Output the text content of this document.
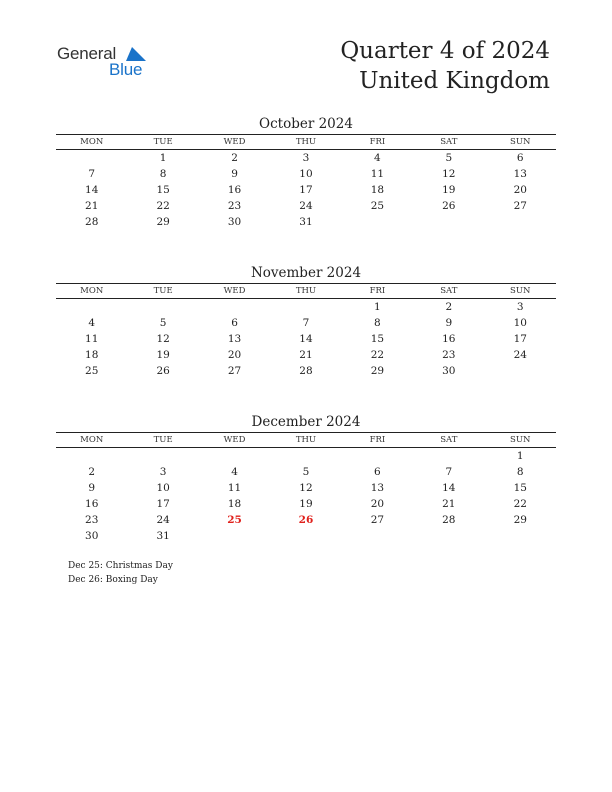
General
Blue
Quarter 4 of 2024
United Kingdom
October 2024
MON	TUE	WED	THU	FRI	SAT	SUN
	1	2	3	4	5	6
7	8	9	10	11	12	13
14	15	16	17	18	19	20
21	22	23	24	25	26	27
28	29	30	31			
November 2024
MON	TUE	WED	THU	FRI	SAT	SUN
				1	2	3
4	5	6	7	8	9	10
11	12	13	14	15	16	17
18	19	20	21	22	23	24
25	26	27	28	29	30	
December 2024
MON	TUE	WED	THU	FRI	SAT	SUN
						1
2	3	4	5	6	7	8
9	10	11	12	13	14	15
16	17	18	19	20	21	22
23	24	25	26	27	28	29
30	31					
Dec 25: Christmas Day
Dec 26: Boxing Day
